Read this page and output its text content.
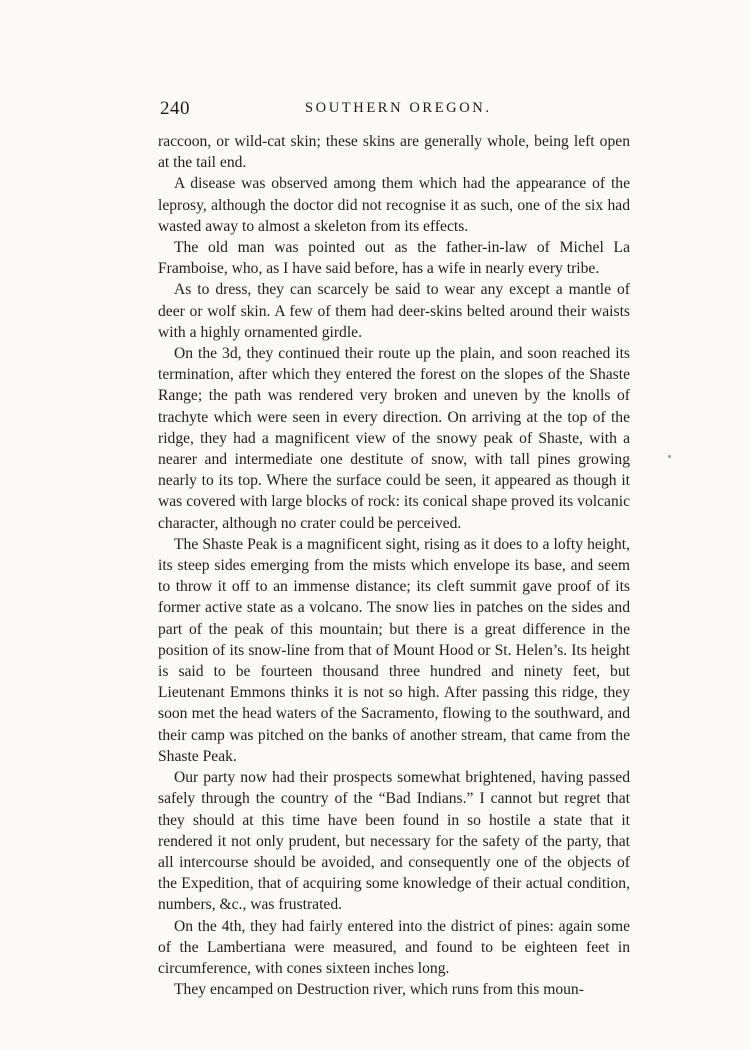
240	SOUTHERN OREGON.

raccoon, or wild-cat skin; these skins are generally whole, being left open at the tail end.

A disease was observed among them which had the appearance of the leprosy, although the doctor did not recognise it as such, one of the six had wasted away to almost a skeleton from its effects.

The old man was pointed out as the father-in-law of Michel La Framboise, who, as I have said before, has a wife in nearly every tribe.

As to dress, they can scarcely be said to wear any except a mantle of deer or wolf skin. A few of them had deer-skins belted around their waists with a highly ornamented girdle.

On the 3d, they continued their route up the plain, and soon reached its termination, after which they entered the forest on the slopes of the Shaste Range; the path was rendered very broken and uneven by the knolls of trachyte which were seen in every direction. On arriving at the top of the ridge, they had a magnificent view of the snowy peak of Shaste, with a nearer and intermediate one destitute of snow, with tall pines growing nearly to its top. Where the surface could be seen, it appeared as though it was covered with large blocks of rock: its conical shape proved its volcanic character, although no crater could be perceived.

The Shaste Peak is a magnificent sight, rising as it does to a lofty height, its steep sides emerging from the mists which envelope its base, and seem to throw it off to an immense distance; its cleft summit gave proof of its former active state as a volcano. The snow lies in patches on the sides and part of the peak of this mountain; but there is a great difference in the position of its snow-line from that of Mount Hood or St. Helen’s. Its height is said to be fourteen thousand three hundred and ninety feet, but Lieutenant Emmons thinks it is not so high. After passing this ridge, they soon met the head waters of the Sacramento, flowing to the southward, and their camp was pitched on the banks of another stream, that came from the Shaste Peak.

Our party now had their prospects somewhat brightened, having passed safely through the country of the “Bad Indians.” I cannot but regret that they should at this time have been found in so hostile a state that it rendered it not only prudent, but necessary for the safety of the party, that all intercourse should be avoided, and consequently one of the objects of the Expedition, that of acquiring some knowledge of their actual condition, numbers, &c., was frustrated.

On the 4th, they had fairly entered into the district of pines: again some of the Lambertiana were measured, and found to be eighteen feet in circumference, with cones sixteen inches long.

They encamped on Destruction river, which runs from this moun-
